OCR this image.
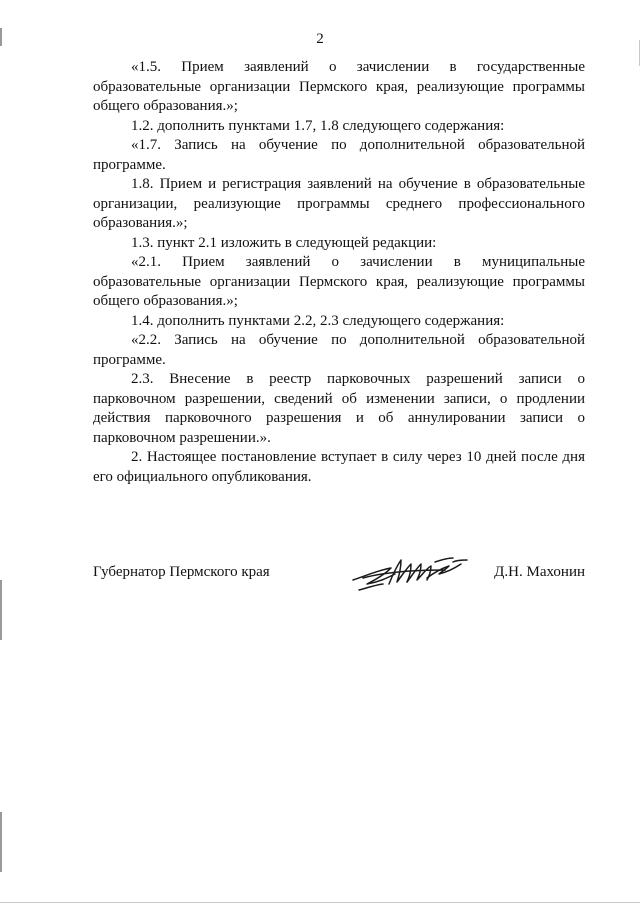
2

«1.5. Прием заявлений о зачислении в государственные образовательные организации Пермского края, реализующие программы общего образования.»;

1.2. дополнить пунктами 1.7, 1.8 следующего содержания:

«1.7. Запись на обучение по дополнительной образовательной программе.

1.8. Прием и регистрация заявлений на обучение в образовательные организации, реализующие программы среднего профессионального образования.»;

1.3. пункт 2.1 изложить в следующей редакции:

«2.1. Прием заявлений о зачислении в муниципальные образовательные организации Пермского края, реализующие программы общего образования.»;

1.4. дополнить пунктами 2.2, 2.3 следующего содержания:

«2.2. Запись на обучение по дополнительной образовательной программе.

2.3. Внесение в реестр парковочных разрешений записи о парковочном разрешении, сведений об изменении записи, о продлении действия парковочного разрешения и об аннулировании записи о парковочном разрешении.».

2. Настоящее постановление вступает в силу через 10 дней после дня его официального опубликования.

Губернатор Пермского края	Д.Н. Махонин
